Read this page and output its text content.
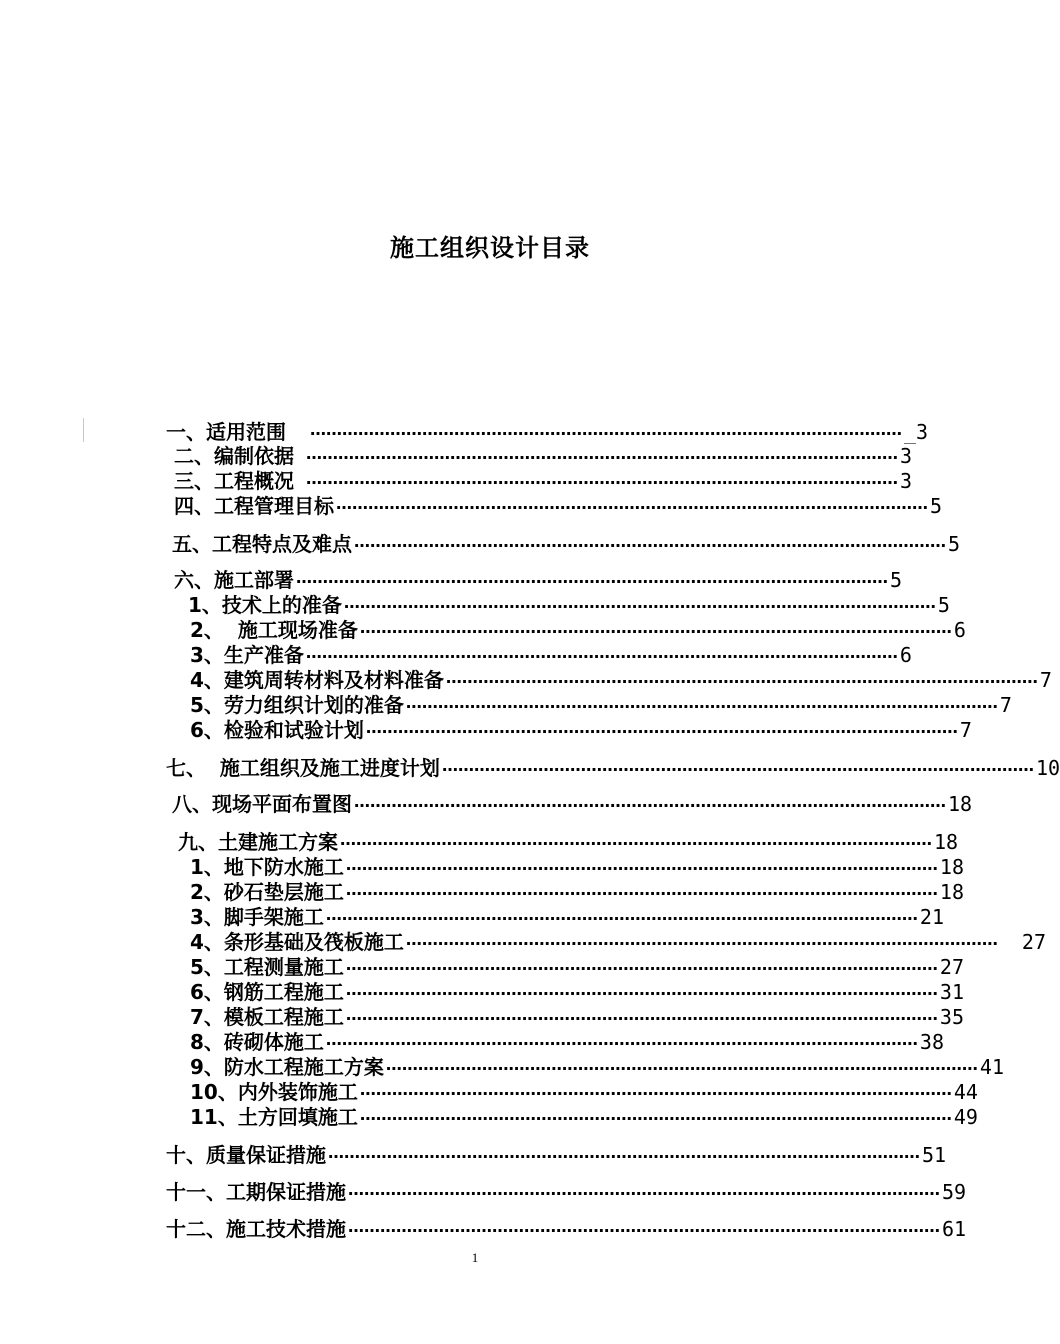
施工组织设计目录
一、适用范围 ………………………………………………………………………………………………… _3
二、编制依据 ………………………………………………………………………………………………… 3
三、工程概况 ………………………………………………………………………………………………… 3
四、工程管理目标 ………………………………………………………………………………………………… 5
五、工程特点及难点 ………………………………………………………………………………………………… 5
六、施工部署 ………………………………………………………………………………………………… 5
1、技术上的准备 ………………………………………………………………………………………………… 5
2、  施工现场准备 ………………………………………………………………………………………………… 6
3、生产准备 ………………………………………………………………………………………………… 6
4、建筑周转材料及材料准备 ………………………………………………………………………………………………… 7
5、劳力组织计划的准备 ………………………………………………………………………………………………… 7
6、检验和试验计划 ………………………………………………………………………………………………… 7
七、  施工组织及施工进度计划 ………………………………………………………………………………………………… 10
八、现场平面布置图 ………………………………………………………………………………………………… 18
九、土建施工方案 ………………………………………………………………………………………………… 18
1、地下防水施工 ………………………………………………………………………………………………… 18
2、砂石垫层施工 ………………………………………………………………………………………………… 18
3、脚手架施工 ………………………………………………………………………………………………… 21
4、条形基础及筏板施工 ………………………………………………………………………………………………… 27
5、工程测量施工 ………………………………………………………………………………………………… 27
6、钢筋工程施工 ………………………………………………………………………………………………… 31
7、模板工程施工 ………………………………………………………………………………………………… 35
8、砖砌体施工 ………………………………………………………………………………………………… 38
9、防水工程施工方案 ………………………………………………………………………………………………… 41
10、内外装饰施工 ………………………………………………………………………………………………… 44
11、土方回填施工 ………………………………………………………………………………………………… 49
十、质量保证措施 ………………………………………………………………………………………………… 51
十一、工期保证措施 ………………………………………………………………………………………………… 59
十二、施工技术措施 ………………………………………………………………………………………………… 61
1
